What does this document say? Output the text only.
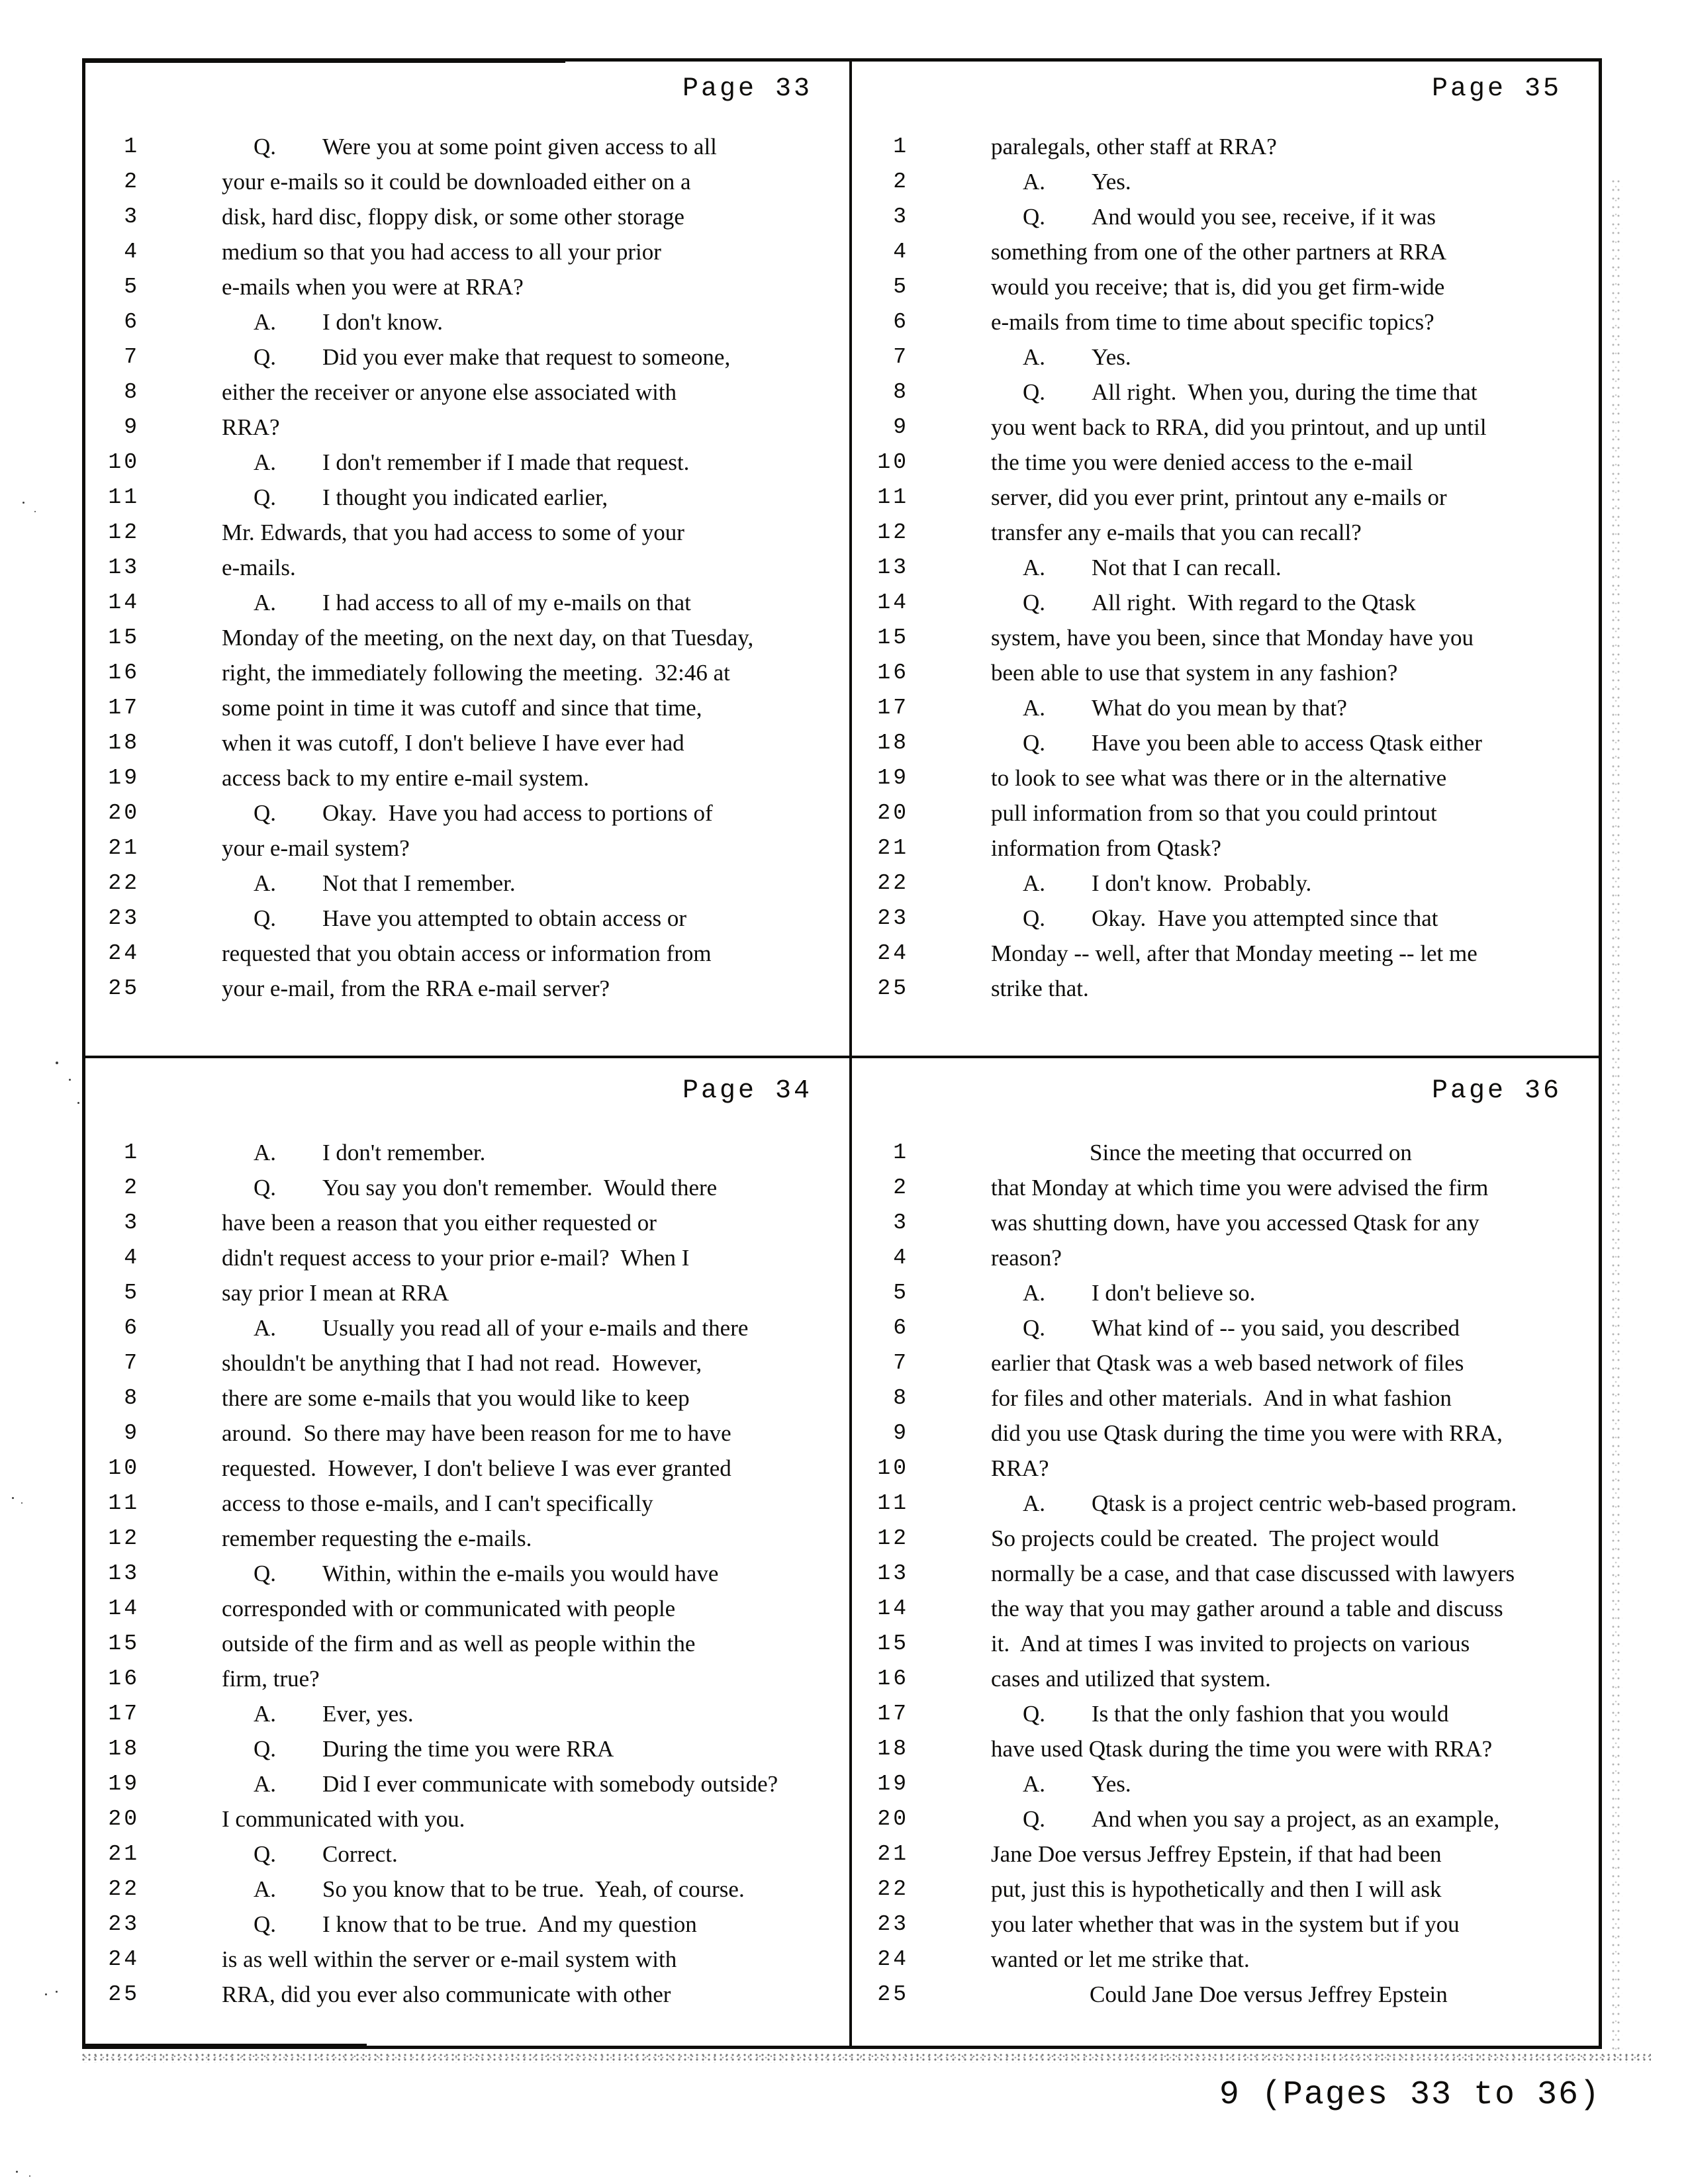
Page 33
1	Q. Were you at some point given access to all
2	your e-mails so it could be downloaded either on a
3	disk, hard disc, floppy disk, or some other storage
4	medium so that you had access to all your prior
5	e-mails when you were at RRA?
6	A. I don't know.
7	Q. Did you ever make that request to someone,
8	either the receiver or anyone else associated with
9	RRA?
10	A. I don't remember if I made that request.
11	Q. I thought you indicated earlier,
12	Mr. Edwards, that you had access to some of your
13	e-mails.
14	A. I had access to all of my e-mails on that
15	Monday of the meeting, on the next day, on that Tuesday,
16	right, the immediately following the meeting.  32:46 at
17	some point in time it was cutoff and since that time,
18	when it was cutoff, I don't believe I have ever had
19	access back to my entire e-mail system.
20	Q. Okay.  Have you had access to portions of
21	your e-mail system?
22	A. Not that I remember.
23	Q. Have you attempted to obtain access or
24	requested that you obtain access or information from
25	your e-mail, from the RRA e-mail server?
Page 35
1	paralegals, other staff at RRA?
2	A. Yes.
3	Q. And would you see, receive, if it was
4	something from one of the other partners at RRA
5	would you receive; that is, did you get firm-wide
6	e-mails from time to time about specific topics?
7	A. Yes.
8	Q. All right.  When you, during the time that
9	you went back to RRA, did you printout, and up until
10	the time you were denied access to the e-mail
11	server, did you ever print, printout any e-mails or
12	transfer any e-mails that you can recall?
13	A. Not that I can recall.
14	Q. All right.  With regard to the Qtask
15	system, have you been, since that Monday have you
16	been able to use that system in any fashion?
17	A. What do you mean by that?
18	Q. Have you been able to access Qtask either
19	to look to see what was there or in the alternative
20	pull information from so that you could printout
21	information from Qtask?
22	A. I don't know.  Probably.
23	Q. Okay.  Have you attempted since that
24	Monday -- well, after that Monday meeting -- let me
25	strike that.
Page 34
1	A. I don't remember.
2	Q. You say you don't remember.  Would there
3	have been a reason that you either requested or
4	didn't request access to your prior e-mail?  When I
5	say prior I mean at RRA
6	A. Usually you read all of your e-mails and there
7	shouldn't be anything that I had not read.  However,
8	there are some e-mails that you would like to keep
9	around.  So there may have been reason for me to have
10	requested.  However, I don't believe I was ever granted
11	access to those e-mails, and I can't specifically
12	remember requesting the e-mails.
13	Q. Within, within the e-mails you would have
14	corresponded with or communicated with people
15	outside of the firm and as well as people within the
16	firm, true?
17	A. Ever, yes.
18	Q. During the time you were RRA
19	A. Did I ever communicate with somebody outside?
20	I communicated with you.
21	Q. Correct.
22	A. So you know that to be true.  Yeah, of course.
23	Q. I know that to be true.  And my question
24	is as well within the server or e-mail system with
25	RRA, did you ever also communicate with other
Page 36
1	Since the meeting that occurred on
2	that Monday at which time you were advised the firm
3	was shutting down, have you accessed Qtask for any
4	reason?
5	A. I don't believe so.
6	Q. What kind of -- you said, you described
7	earlier that Qtask was a web based network of files
8	for files and other materials.  And in what fashion
9	did you use Qtask during the time you were with RRA,
10	RRA?
11	A. Qtask is a project centric web-based program.
12	So projects could be created.  The project would
13	normally be a case, and that case discussed with lawyers
14	the way that you may gather around a table and discuss
15	it.  And at times I was invited to projects on various
16	cases and utilized that system.
17	Q. Is that the only fashion that you would
18	have used Qtask during the time you were with RRA?
19	A. Yes.
20	Q. And when you say a project, as an example,
21	Jane Doe versus Jeffrey Epstein, if that had been
22	put, just this is hypothetically and then I will ask
23	you later whether that was in the system but if you
24	wanted or let me strike that.
25	Could Jane Doe versus Jeffrey Epstein
9 (Pages 33 to 36)
